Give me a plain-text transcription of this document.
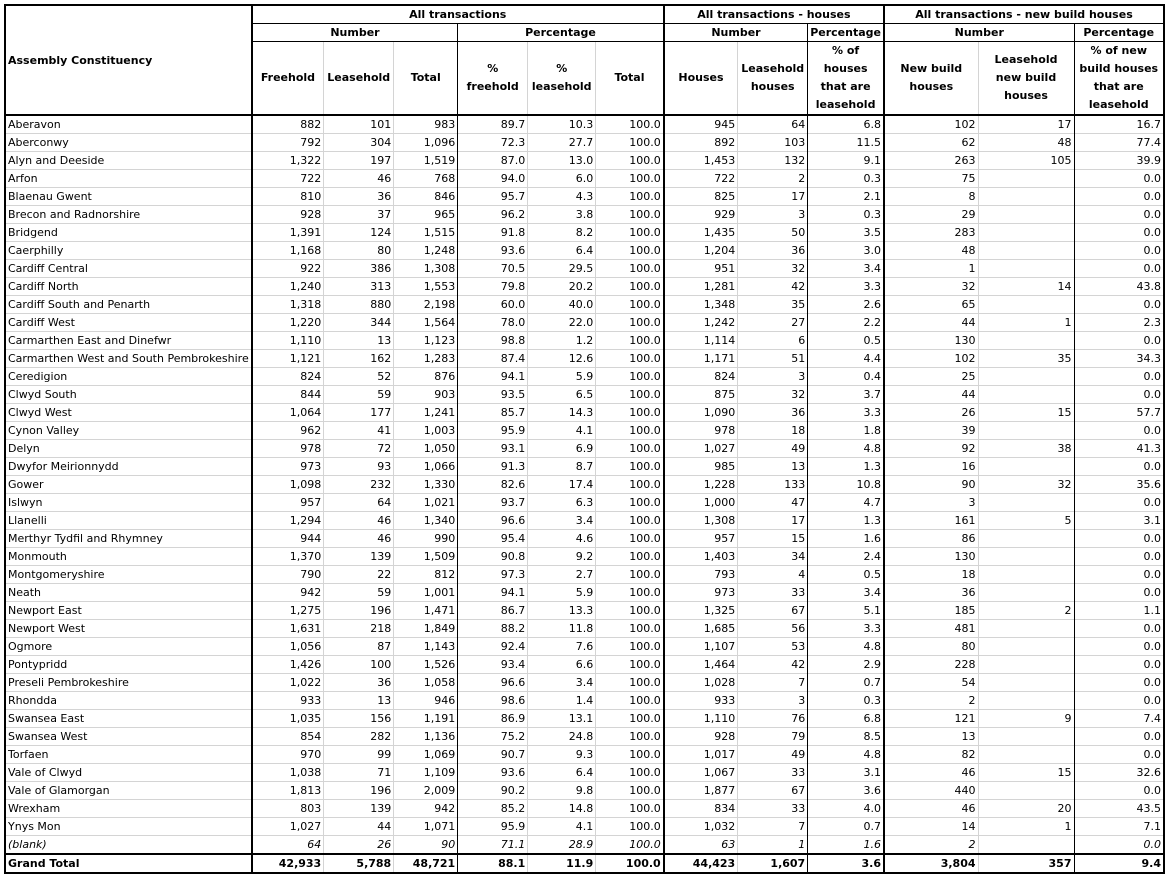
Assembly Constituency	All transactions						All transactions - houses			All transactions - new build houses		
	Number			Percentage			Number		Percentage	Number		Percentage
	Freehold	Leasehold	Total	% freehold	% leasehold	Total	Houses	Leasehold houses	% of houses that are leasehold	New build houses	Leasehold new build houses	% of new build houses that are leasehold
Aberavon	882	101	983	89.7	10.3	100.0	945	64	6.8	102	17	16.7
Aberconwy	792	304	1,096	72.3	27.7	100.0	892	103	11.5	62	48	77.4
Alyn and Deeside	1,322	197	1,519	87.0	13.0	100.0	1,453	132	9.1	263	105	39.9
Arfon	722	46	768	94.0	6.0	100.0	722	2	0.3	75		0.0
Blaenau Gwent	810	36	846	95.7	4.3	100.0	825	17	2.1	8		0.0
Brecon and Radnorshire	928	37	965	96.2	3.8	100.0	929	3	0.3	29		0.0
Bridgend	1,391	124	1,515	91.8	8.2	100.0	1,435	50	3.5	283		0.0
Caerphilly	1,168	80	1,248	93.6	6.4	100.0	1,204	36	3.0	48		0.0
Cardiff Central	922	386	1,308	70.5	29.5	100.0	951	32	3.4	1		0.0
Cardiff North	1,240	313	1,553	79.8	20.2	100.0	1,281	42	3.3	32	14	43.8
Cardiff South and Penarth	1,318	880	2,198	60.0	40.0	100.0	1,348	35	2.6	65		0.0
Cardiff West	1,220	344	1,564	78.0	22.0	100.0	1,242	27	2.2	44	1	2.3
Carmarthen East and Dinefwr	1,110	13	1,123	98.8	1.2	100.0	1,114	6	0.5	130		0.0
Carmarthen West and South Pembrokeshire	1,121	162	1,283	87.4	12.6	100.0	1,171	51	4.4	102	35	34.3
Ceredigion	824	52	876	94.1	5.9	100.0	824	3	0.4	25		0.0
Clwyd South	844	59	903	93.5	6.5	100.0	875	32	3.7	44		0.0
Clwyd West	1,064	177	1,241	85.7	14.3	100.0	1,090	36	3.3	26	15	57.7
Cynon Valley	962	41	1,003	95.9	4.1	100.0	978	18	1.8	39		0.0
Delyn	978	72	1,050	93.1	6.9	100.0	1,027	49	4.8	92	38	41.3
Dwyfor Meirionnydd	973	93	1,066	91.3	8.7	100.0	985	13	1.3	16		0.0
Gower	1,098	232	1,330	82.6	17.4	100.0	1,228	133	10.8	90	32	35.6
Islwyn	957	64	1,021	93.7	6.3	100.0	1,000	47	4.7	3		0.0
Llanelli	1,294	46	1,340	96.6	3.4	100.0	1,308	17	1.3	161	5	3.1
Merthyr Tydfil and Rhymney	944	46	990	95.4	4.6	100.0	957	15	1.6	86		0.0
Monmouth	1,370	139	1,509	90.8	9.2	100.0	1,403	34	2.4	130		0.0
Montgomeryshire	790	22	812	97.3	2.7	100.0	793	4	0.5	18		0.0
Neath	942	59	1,001	94.1	5.9	100.0	973	33	3.4	36		0.0
Newport East	1,275	196	1,471	86.7	13.3	100.0	1,325	67	5.1	185	2	1.1
Newport West	1,631	218	1,849	88.2	11.8	100.0	1,685	56	3.3	481		0.0
Ogmore	1,056	87	1,143	92.4	7.6	100.0	1,107	53	4.8	80		0.0
Pontypridd	1,426	100	1,526	93.4	6.6	100.0	1,464	42	2.9	228		0.0
Preseli Pembrokeshire	1,022	36	1,058	96.6	3.4	100.0	1,028	7	0.7	54		0.0
Rhondda	933	13	946	98.6	1.4	100.0	933	3	0.3	2		0.0
Swansea East	1,035	156	1,191	86.9	13.1	100.0	1,110	76	6.8	121	9	7.4
Swansea West	854	282	1,136	75.2	24.8	100.0	928	79	8.5	13		0.0
Torfaen	970	99	1,069	90.7	9.3	100.0	1,017	49	4.8	82		0.0
Vale of Clwyd	1,038	71	1,109	93.6	6.4	100.0	1,067	33	3.1	46	15	32.6
Vale of Glamorgan	1,813	196	2,009	90.2	9.8	100.0	1,877	67	3.6	440		0.0
Wrexham	803	139	942	85.2	14.8	100.0	834	33	4.0	46	20	43.5
Ynys Mon	1,027	44	1,071	95.9	4.1	100.0	1,032	7	0.7	14	1	7.1
(blank)	64	26	90	71.1	28.9	100.0	63	1	1.6	2		0.0
Grand Total	42,933	5,788	48,721	88.1	11.9	100.0	44,423	1,607	3.6	3,804	357	9.4
